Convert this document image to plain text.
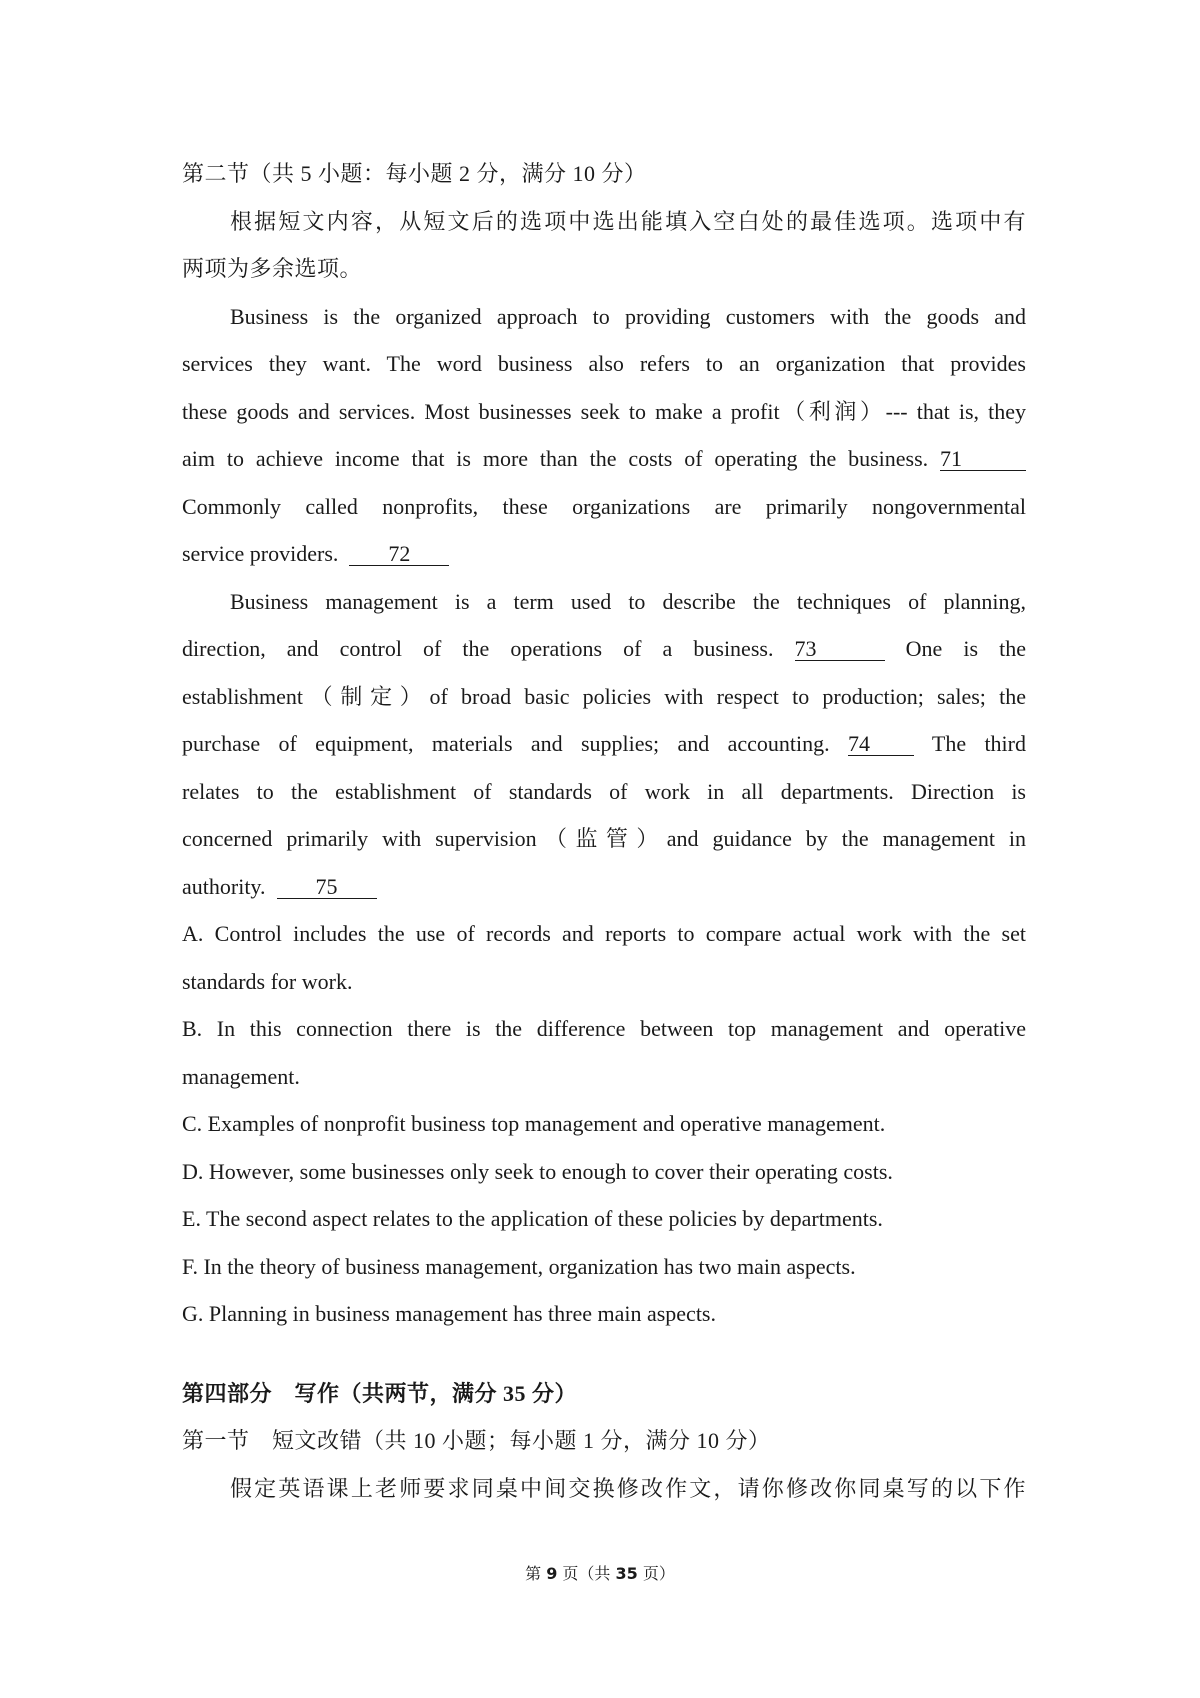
第二节（共 5 小题：每小题 2 分，满分 10 分）

根据短文内容，从短文后的选项中选出能填入空白处的最佳选项。选项中有

两项为多余选项。

Business is the organized approach to providing customers with the goods and

services they want. The word business also refers to an organization that provides

these goods and services. Most businesses seek to make a profit（利润）--- that is, they

aim to achieve income that is more than the costs of operating the business. 71

Commonly called nonprofits, these organizations are primarily nongovernmental

service providers. 72

Business management is a term used to describe the techniques of planning,

direction, and control of the operations of a business. 73	One is the

establishment（制定）of broad basic policies with respect to production; sales; the

purchase of equipment, materials and supplies; and accounting. 74	The third

relates to the establishment of standards of work in all departments. Direction is

concerned primarily with supervision（监管）and guidance by the management in

authority. 75

A. Control includes the use of records and reports to compare actual work with the set

standards for work.

B. In this connection there is the difference between top management and operative

management.

C. Examples of nonprofit business top management and operative management.

D. However, some businesses only seek to enough to cover their operating costs.

E. The second aspect relates to the application of these policies by departments.

F. In the theory of business management, organization has two main aspects.

G. Planning in business management has three main aspects.

第四部分　写作（共两节，满分 35 分）

第一节　短文改错（共 10 小题；每小题 1 分，满分 10 分）

假定英语课上老师要求同桌中间交换修改作文，请你修改你同桌写的以下作

第 9 页（共 35 页）
